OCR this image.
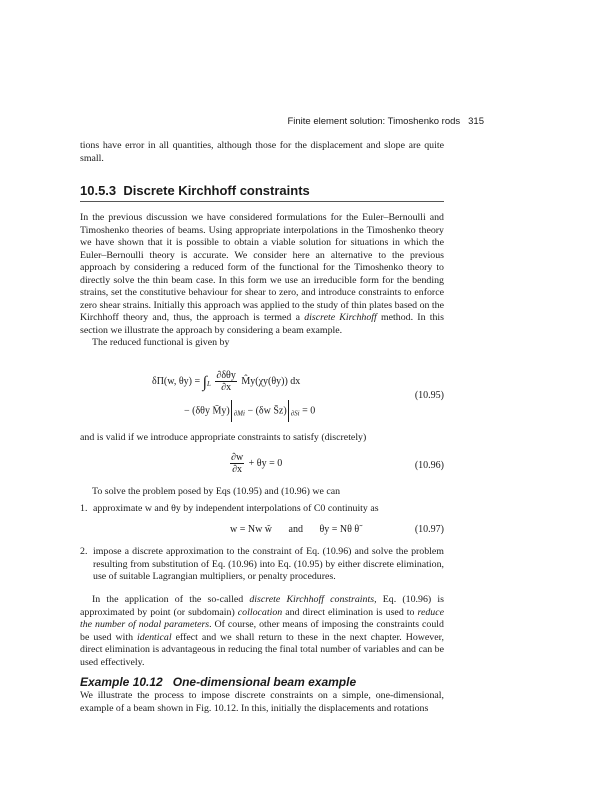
Finite element solution: Timoshenko rods 315

tions have error in all quantities, although those for the displacement and slope are quite small.

10.5.3 Discrete Kirchhoff constraints

In the previous discussion we have considered formulations for the Euler–Bernoulli and Timoshenko theories of beams. Using appropriate interpolations in the Timoshenko theory we have shown that it is possible to obtain a viable solution for situations in which the Euler–Bernoulli theory is accurate. We consider here an alternative to the previous approach by considering a reduced form of the functional for the Timoshenko theory to directly solve the thin beam case. In this form we use an irreducible form for the bending strains, set the constitutive behaviour for shear to zero, and introduce constraints to enforce zero shear strains. Initially this approach was applied to the study of thin plates based on the Kirchhoff theory and, thus, the approach is termed a discrete Kirchhoff method. In this section we illustrate the approach by considering a beam example.

The reduced functional is given by

δΠ(w, $\theta y) = \int_L \frac{\text{∂δθy}}{\partial x}$ M̂y(χy(θy)) dx
− (δθy M̄y) $_{\partial Mi}$ − (δw S̄z) $_{\partial Si}$ = 0
(10.95)

and is valid if we introduce appropriate constraints to satisfy (discretely)

$\frac{\partial w}{\partial x} + \theta y = 0$	(10.96)

To solve the problem posed by Eqs (10.95) and (10.96) we can

1. approximate w and θy by independent interpolations of C0 continuity as

w = Nw w̃ and θy = Nθ θ̃	(10.97)

2. impose a discrete approximation to the constraint of Eq. (10.96) and solve the problem resulting from substitution of Eq. (10.96) into Eq. (10.95) by either discrete elimination, use of suitable Lagrangian multipliers, or penalty procedures.

In the application of the so-called discrete Kirchhoff constraints, Eq. (10.96) is approximated by point (or subdomain) collocation and direct elimination is used to reduce the number of nodal parameters. Of course, other means of imposing the constraints could be used with identical effect and we shall return to these in the next chapter. However, direct elimination is advantageous in reducing the final total number of variables and can be used effectively.

Example 10.12 One-dimensional beam example

We illustrate the process to impose discrete constraints on a simple, one-dimensional, example of a beam shown in Fig. 10.12. In this, initially the displacements and rotations
